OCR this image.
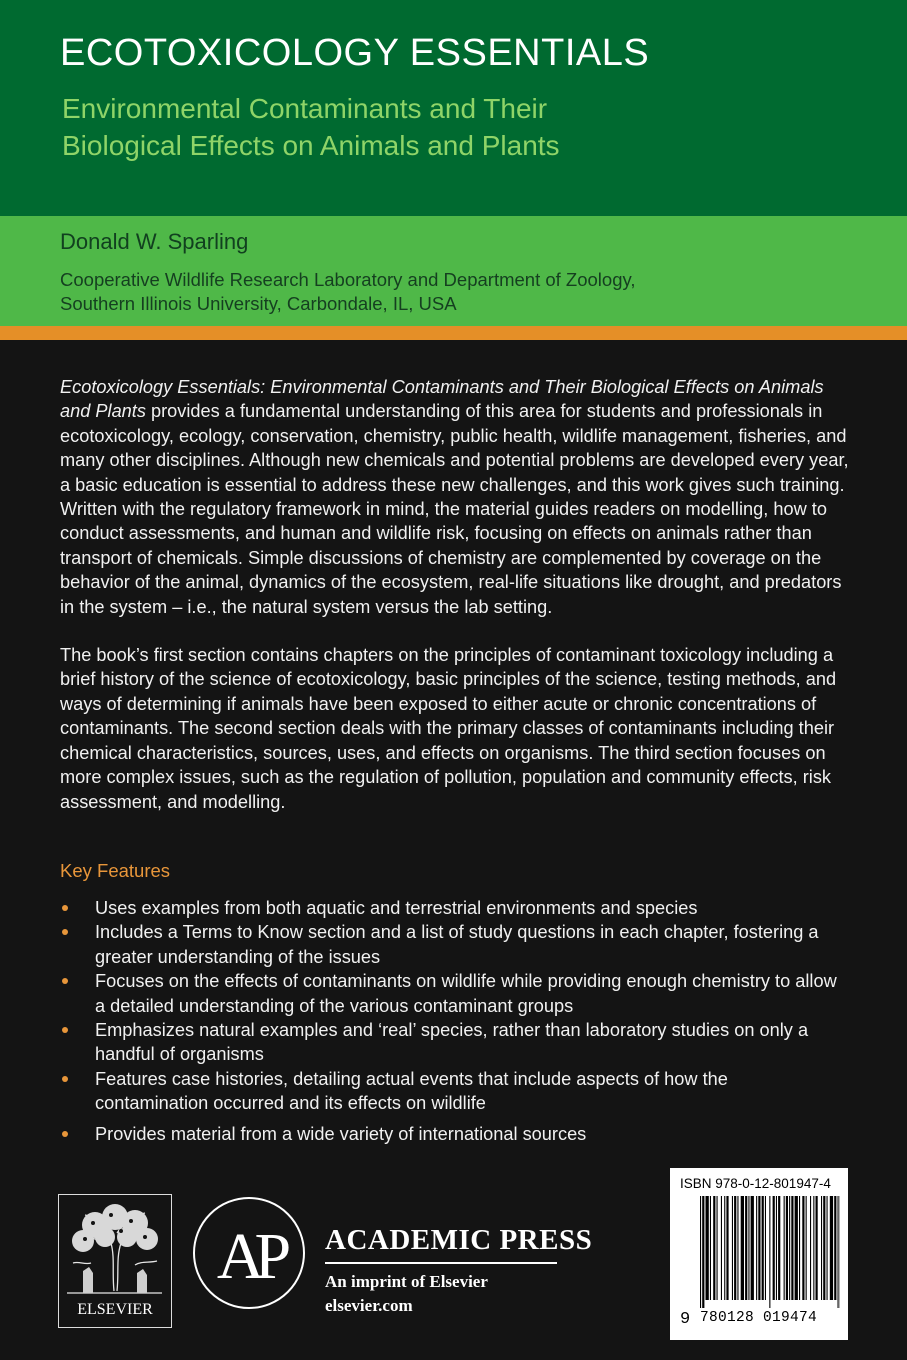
ECOTOXICOLOGY ESSENTIALS
Environmental Contaminants and Their
Biological Effects on Animals and Plants
Donald W. Sparling
Cooperative Wildlife Research Laboratory and Department of Zoology,
Southern Illinois University, Carbondale, IL, USA

Ecotoxicology Essentials: Environmental Contaminants and Their Biological Effects on Animals and Plants provides a fundamental understanding of this area for students and professionals in ecotoxicology, ecology, conservation, chemistry, public health, wildlife management, fisheries, and many other disciplines. Although new chemicals and potential problems are developed every year, a basic education is essential to address these new challenges, and this work gives such training. Written with the regulatory framework in mind, the material guides readers on modelling, how to conduct assessments, and human and wildlife risk, focusing on effects on animals rather than transport of chemicals. Simple discussions of chemistry are complemented by coverage on the behavior of the animal, dynamics of the ecosystem, real-life situations like drought, and predators in the system – i.e., the natural system versus the lab setting.

The book’s first section contains chapters on the principles of contaminant toxicology including a brief history of the science of ecotoxicology, basic principles of the science, testing methods, and ways of determining if animals have been exposed to either acute or chronic concentrations of contaminants. The second section deals with the primary classes of contaminants including their chemical characteristics, sources, uses, and effects on organisms. The third section focuses on more complex issues, such as the regulation of pollution, population and community effects, risk assessment, and modelling.

Key Features
Uses examples from both aquatic and terrestrial environments and species
Includes a Terms to Know section and a list of study questions in each chapter, fostering a greater understanding of the issues
Focuses on the effects of contaminants on wildlife while providing enough chemistry to allow a detailed understanding of the various contaminant groups
Emphasizes natural examples and ‘real’ species, rather than laboratory studies on only a handful of organisms
Features case histories, detailing actual events that include aspects of how the contamination occurred and its effects on wildlife
Provides material from a wide variety of international sources
ELSEVIER
AP ACADEMIC PRESS
An imprint of Elsevier
elsevier.com
ISBN 978-0-12-801947-4
9 780128 019474
